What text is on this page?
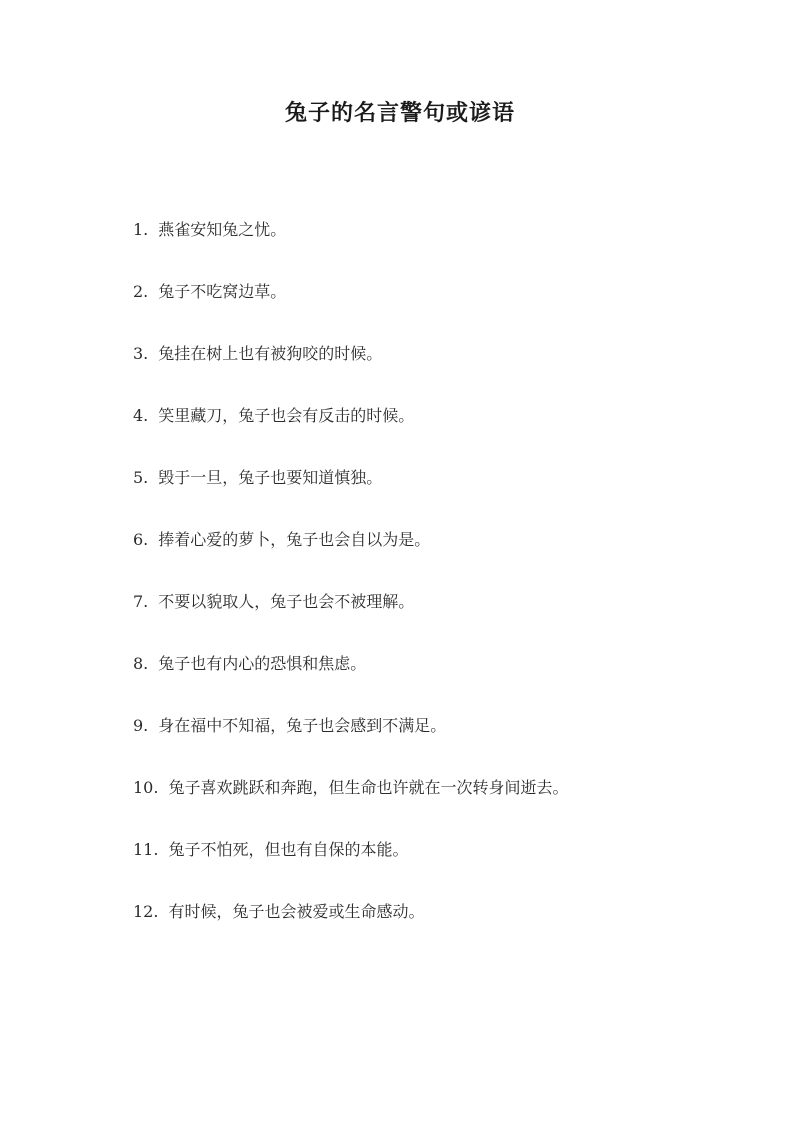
兔子的名言警句或谚语
1. 燕雀安知兔之忧。
2. 兔子不吃窝边草。
3. 兔挂在树上也有被狗咬的时候。
4. 笑里藏刀，兔子也会有反击的时候。
5. 毁于一旦，兔子也要知道慎独。
6. 捧着心爱的萝卜，兔子也会自以为是。
7. 不要以貌取人，兔子也会不被理解。
8. 兔子也有内心的恐惧和焦虑。
9. 身在福中不知福，兔子也会感到不满足。
10. 兔子喜欢跳跃和奔跑，但生命也许就在一次转身间逝去。
11. 兔子不怕死，但也有自保的本能。
12. 有时候，兔子也会被爱或生命感动。
